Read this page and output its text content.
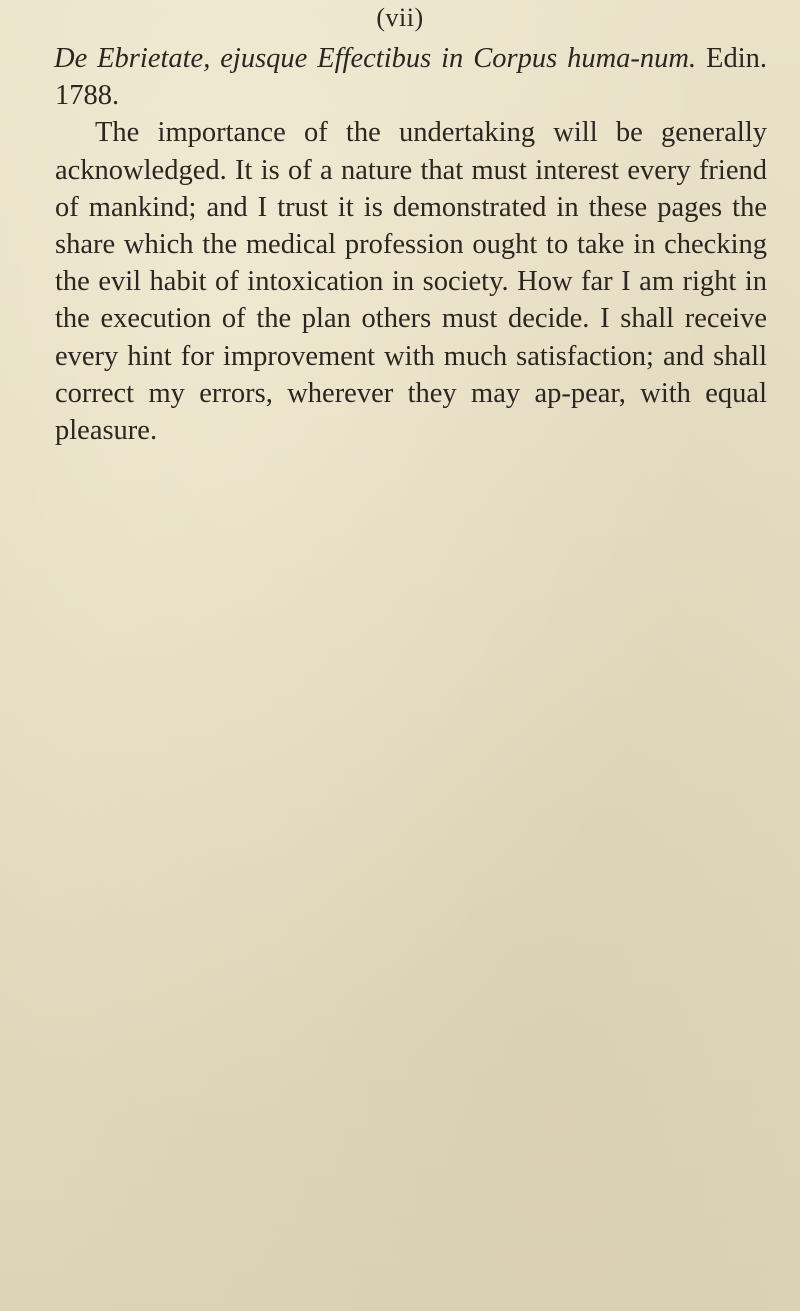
(vii)

De Ebrietate, ejusque Effectibus in Corpus huma-num. Edin. 1788.

The importance of the undertaking will be generally acknowledged. It is of a nature that must interest every friend of mankind; and I trust it is demonstrated in these pages the share which the medical profession ought to take in checking the evil habit of intoxication in society. How far I am right in the execution of the plan others must decide. I shall receive every hint for improvement with much satisfaction; and shall correct my errors, wherever they may ap-pear, with equal pleasure.
